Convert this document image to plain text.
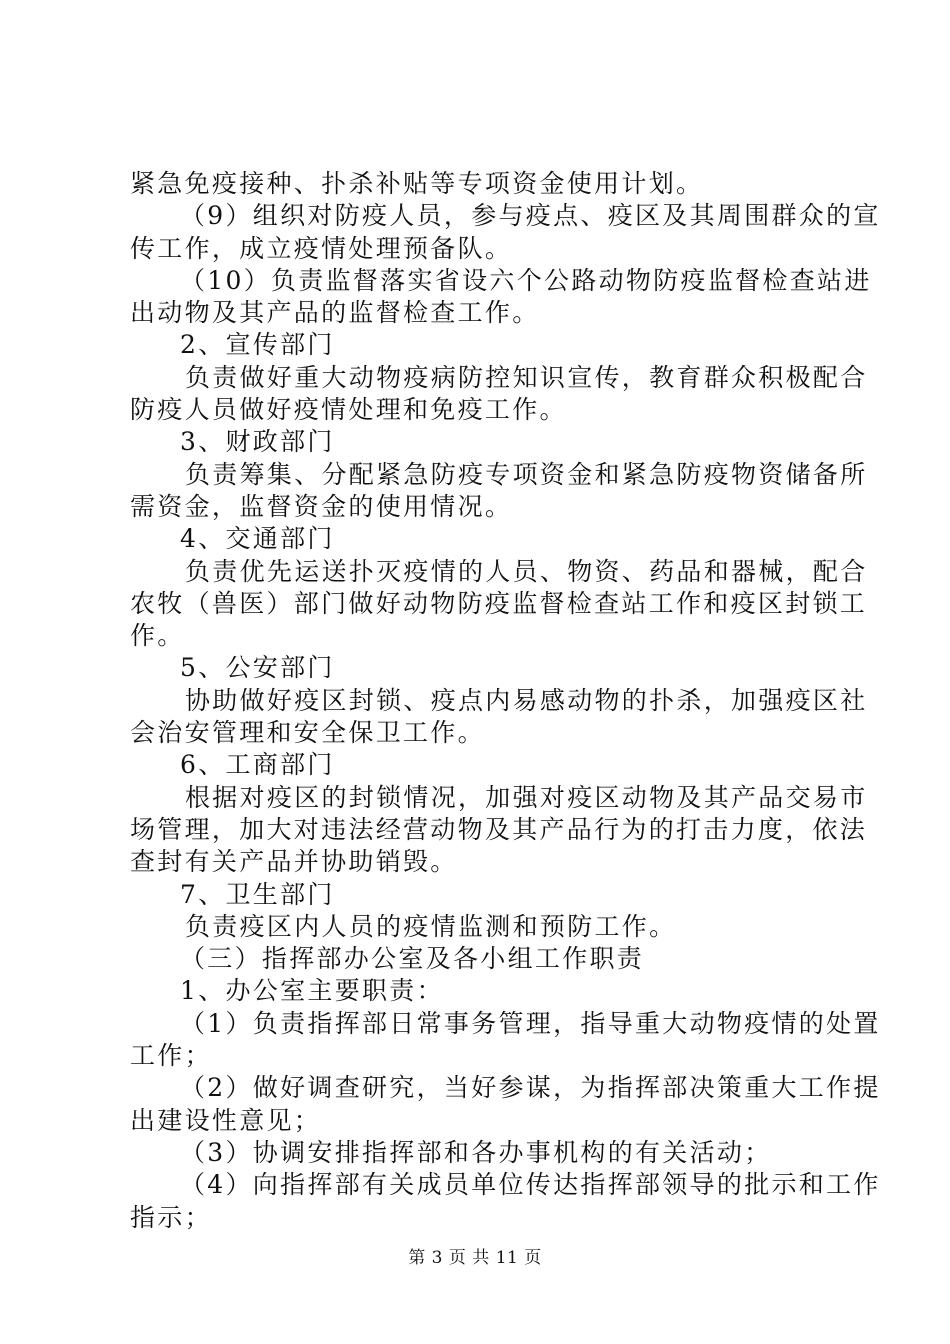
紧急免疫接种、扑杀补贴等专项资金使用计划。
（9）组织对防疫人员，参与疫点、疫区及其周围群众的宣
传工作，成立疫情处理预备队。
（10）负责监督落实省设六个公路动物防疫监督检查站进
出动物及其产品的监督检查工作。
2、宣传部门
负责做好重大动物疫病防控知识宣传，教育群众积极配合
防疫人员做好疫情处理和免疫工作。
3、财政部门
负责筹集、分配紧急防疫专项资金和紧急防疫物资储备所
需资金，监督资金的使用情况。
4、交通部门
负责优先运送扑灭疫情的人员、物资、药品和器械，配合
农牧（兽医）部门做好动物防疫监督检查站工作和疫区封锁工
作。
5、公安部门
协助做好疫区封锁、疫点内易感动物的扑杀，加强疫区社
会治安管理和安全保卫工作。
6、工商部门
根据对疫区的封锁情况，加强对疫区动物及其产品交易市
场管理，加大对违法经营动物及其产品行为的打击力度，依法
查封有关产品并协助销毁。
7、卫生部门
负责疫区内人员的疫情监测和预防工作。
（三）指挥部办公室及各小组工作职责
1、办公室主要职责：
（1）负责指挥部日常事务管理，指导重大动物疫情的处置
工作；
（2）做好调查研究，当好参谋，为指挥部决策重大工作提
出建设性意见；
（3）协调安排指挥部和各办事机构的有关活动；
（4）向指挥部有关成员单位传达指挥部领导的批示和工作
指示；
第 3 页 共 11 页
